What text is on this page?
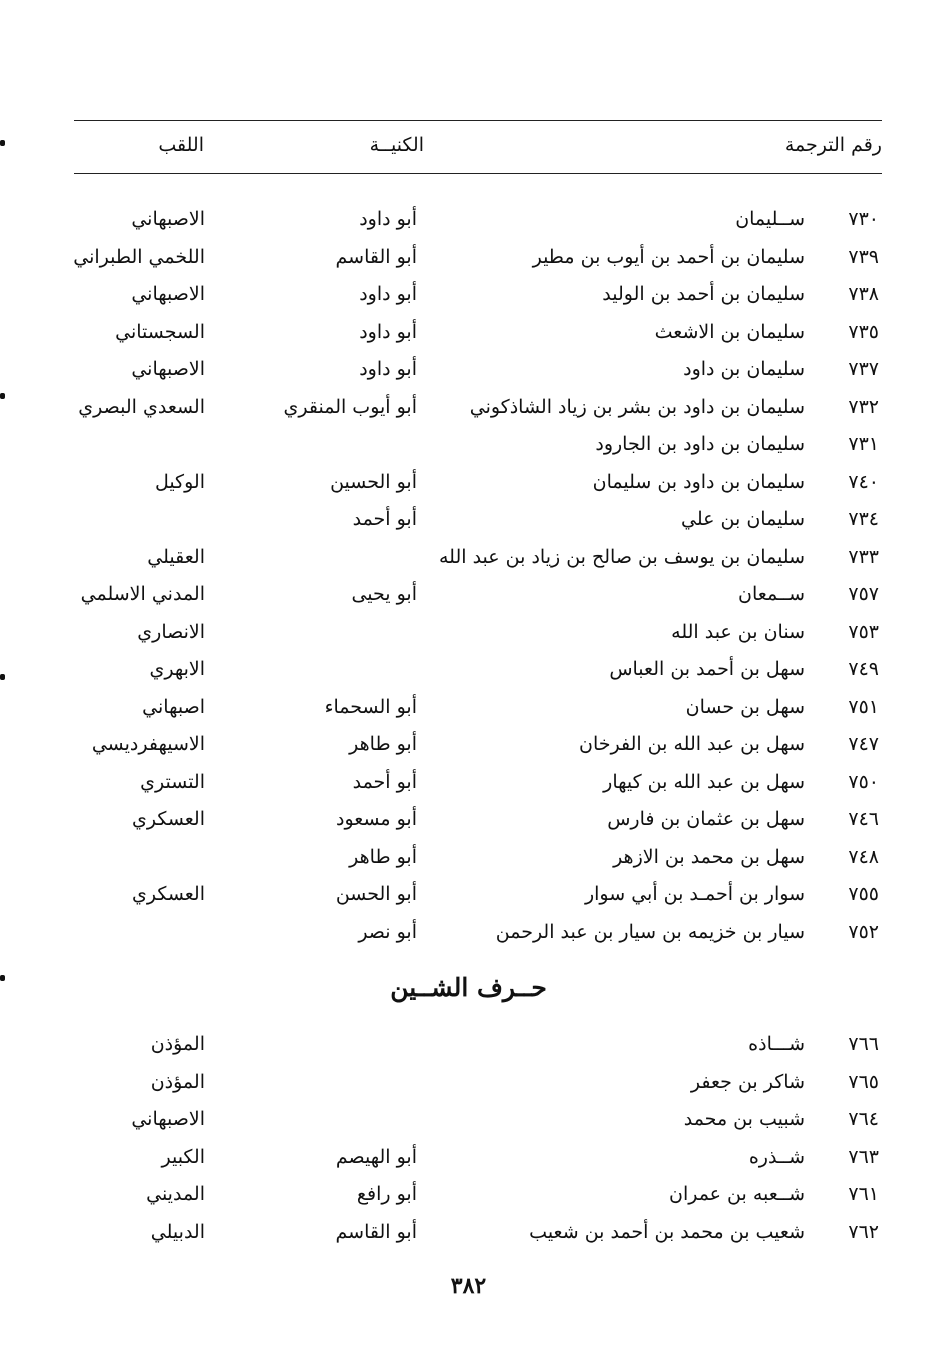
رقم الترجمة
الكنيــة
اللقب
٧٣٠
ســليمان
أبو داود
الاصبهاني
٧٣٩
سليمان بن أحمد بن أيوب بن مطير
أبو القاسم
اللخمي الطبراني
٧٣٨
سليمان بن أحمد بن الوليد
أبو داود
الاصبهاني
٧٣٥
سليمان بن الاشعث
أبو داود
السجستاني
٧٣٧
سليمان بن داود
أبو داود
الاصبهاني
٧٣٢
سليمان بن داود بن بشر بن زياد الشاذكوني
أبو أيوب المنقري
السعدي البصري
٧٣١
سليمان بن داود بن الجارود
٧٤٠
سليمان بن داود بن سليمان
أبو الحسين
الوكيل
٧٣٤
سليمان بن علي
أبو أحمد
٧٣٣
سليمان بن يوسف بن صالح بن زياد بن عبد الله
العقيلي
٧٥٧
ســمعان
أبو يحيى
المدني الاسلمي
٧٥٣
سنان بن عبد الله
الانصاري
٧٤٩
سهل بن أحمد بن العباس
الابهري
٧٥١
سهل بن حسان
أبو السحماء
اصبهاني
٧٤٧
سهل بن عبد الله بن الفرخان
أبو طاهر
الاسيهفرديسي
٧٥٠
سهل بن عبد الله بن كيهار
أبو أحمد
التستري
٧٤٦
سهل بن عثمان بن فارس
أبو مسعود
العسكري
٧٤٨
سهل بن محمد بن الازهر
أبو طاهر
٧٥٥
سوار بن أحمـد بن أبي سوار
أبو الحسن
العسكري
٧٥٢
سيار بن خزيمه بن سيار بن عبد الرحمن
أبو نصر
حــرف الشــين
٧٦٦
شـــاذه
المؤذن
٧٦٥
شاكر بن جعفر
المؤذن
٧٦٤
شبيب بن محمد
الاصبهاني
٧٦٣
شــذره
أبو الهيصم
الكبير
٧٦١
شــعبه بن عمران
أبو رافع
المديني
٧٦٢
شعيب بن محمد بن أحمد بن شعيب
أبو القاسم
الدبيلي
٣٨٢
